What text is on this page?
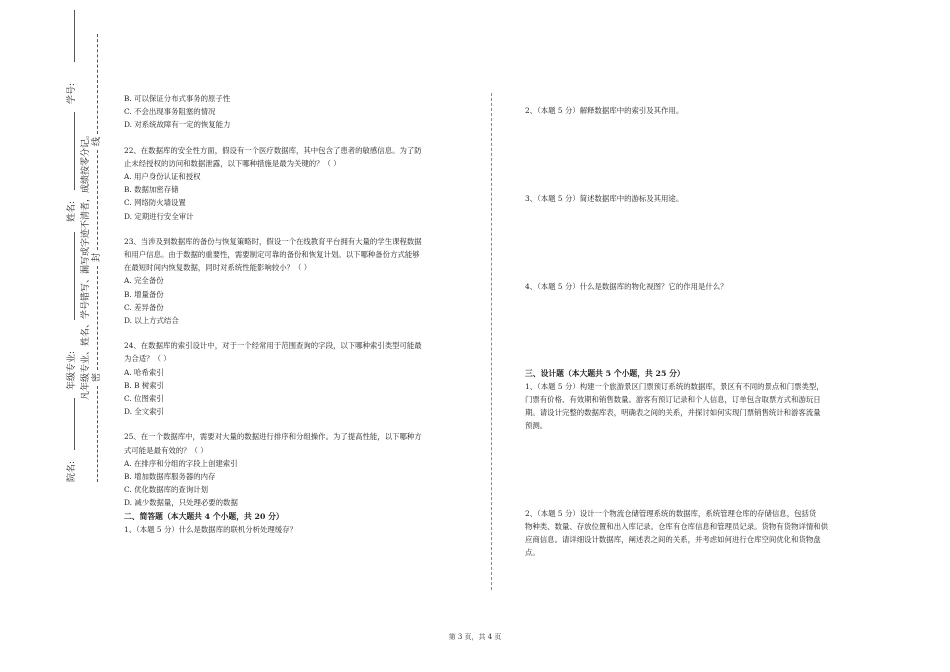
学号:
姓名:
年级专业:
院名:
凡年级专业、姓名、学号错写、漏写或字迹不清者，成绩按零分记。 线
封
密

B. 可以保证分布式事务的原子性

C. 不会出现事务阻塞的情况

D. 对系统故障有一定的恢复能力

22、在数据库的安全性方面，假设有一个医疗数据库，其中包含了患者的敏感信息。为了防

止未经授权的访问和数据泄露，以下哪种措施是最为关键的？（ ）

A. 用户身份认证和授权

B. 数据加密存储

C. 网络防火墙设置

D. 定期进行安全审计

23、当涉及到数据库的备份与恢复策略时，假设一个在线教育平台拥有大量的学生课程数据

和用户信息。由于数据的重要性，需要制定可靠的备份和恢复计划。以下哪种备份方式能够

在最短时间内恢复数据，同时对系统性能影响较小？（ ）

A. 完全备份

B. 增量备份

C. 差异备份

D. 以上方式结合

24、在数据库的索引设计中，对于一个经常用于范围查询的字段，以下哪种索引类型可能最

为合适？（ ）

A. 哈希索引

B. B 树索引

C. 位图索引

D. 全文索引

25、在一个数据库中，需要对大量的数据进行排序和分组操作。为了提高性能，以下哪种方

式可能是最有效的？（ ）

A. 在排序和分组的字段上创建索引

B. 增加数据库服务器的内存

C. 优化数据库的查询计划

D. 减少数据量，只处理必要的数据

二、简答题（本大题共 4 个小题，共 20 分）

1、（本题 5 分）什么是数据库的联机分析处理缓存？

2、（本题 5 分）解释数据库中的索引及其作用。

3、（本题 5 分）简述数据库中的游标及其用途。

4、（本题 5 分）什么是数据库的物化视图？它的作用是什么？

三、设计题（本大题共 5 个小题，共 25 分）

1、（本题 5 分）构建一个旅游景区门票预订系统的数据库，景区有不同的景点和门票类型，

门票有价格、有效期和销售数量。游客有预订记录和个人信息，订单包含取票方式和游玩日

期。请设计完整的数据库表，明确表之间的关系，并探讨如何实现门票销售统计和游客流量

预测。

2、（本题 5 分）设计一个物流仓储管理系统的数据库，系统管理仓库的存储信息，包括货

物种类、数量、存放位置和出入库记录。仓库有仓库信息和管理员记录。货物有货物详情和供

应商信息。请详细设计数据库，阐述表之间的关系，并考虑如何进行仓库空间优化和货物盘

点。

第 3 页，共 4 页
